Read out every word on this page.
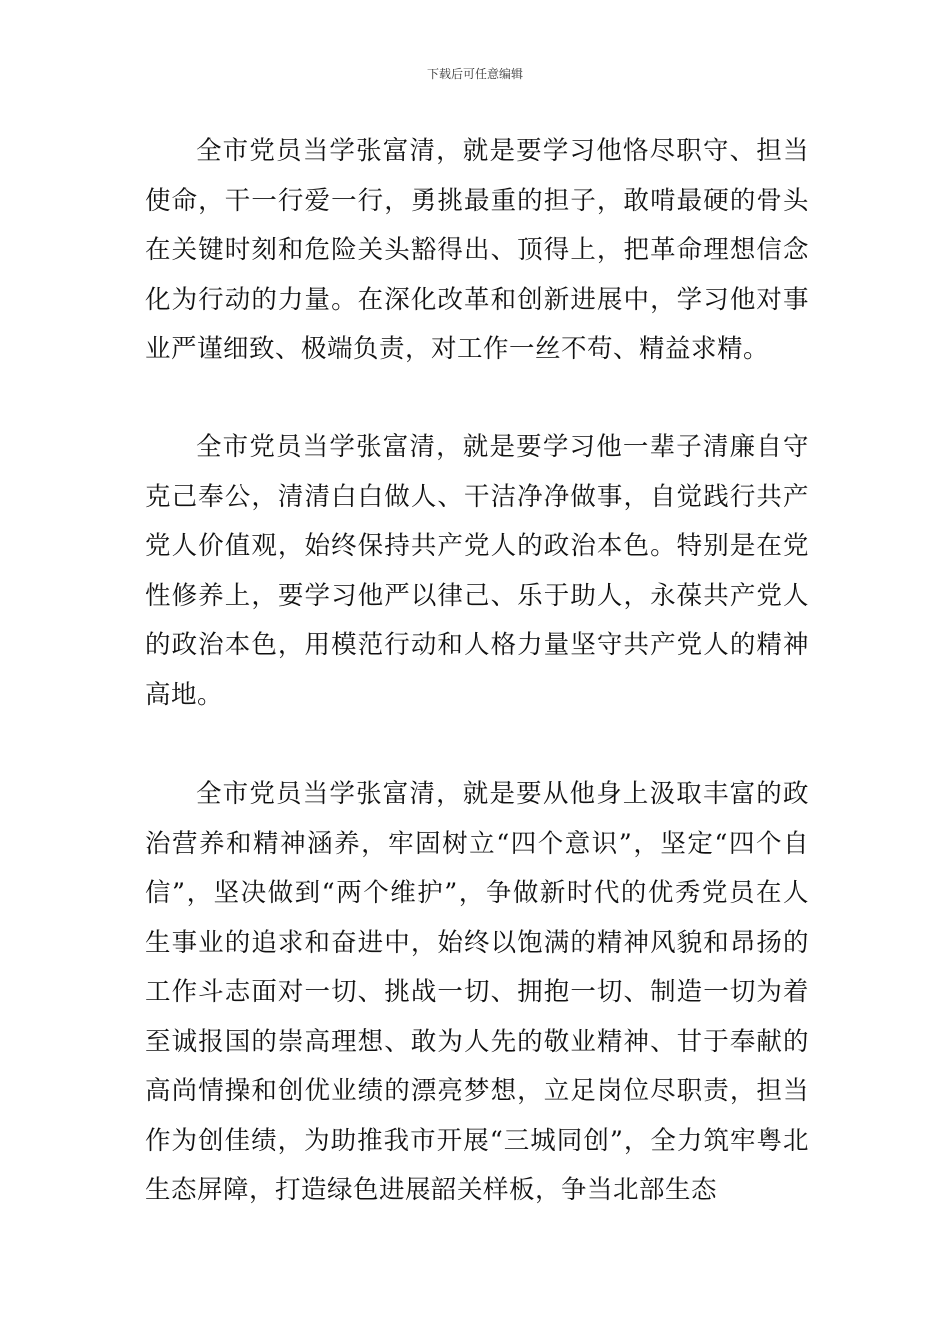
下载后可任意编辑

全市党员当学张富清，就是要学习他恪尽职守、担当使命，干一行爱一行，勇挑最重的担子，敢啃最硬的骨头在关键时刻和危险关头豁得出、顶得上，把革命理想信念化为行动的力量。在深化改革和创新进展中，学习他对事业严谨细致、极端负责，对工作一丝不苟、精益求精。

全市党员当学张富清，就是要学习他一辈子清廉自守克己奉公，清清白白做人、干洁净净做事，自觉践行共产党人价值观，始终保持共产党人的政治本色。特别是在党性修养上，要学习他严以律己、乐于助人，永葆共产党人的政治本色，用模范行动和人格力量坚守共产党人的精神高地。

全市党员当学张富清，就是要从他身上汲取丰富的政治营养和精神涵养，牢固树立“四个意识”，坚定“四个自信”，坚决做到“两个维护”，争做新时代的优秀党员在人生事业的追求和奋进中，始终以饱满的精神风貌和昂扬的工作斗志面对一切、挑战一切、拥抱一切、制造一切为着至诚报国的崇高理想、敢为人先的敬业精神、甘于奉献的高尚情操和创优业绩的漂亮梦想，立足岗位尽职责，担当作为创佳绩，为助推我市开展“三城同创”，全力筑牢粤北生态屏障，打造绿色进展韶关样板，争当北部生态
